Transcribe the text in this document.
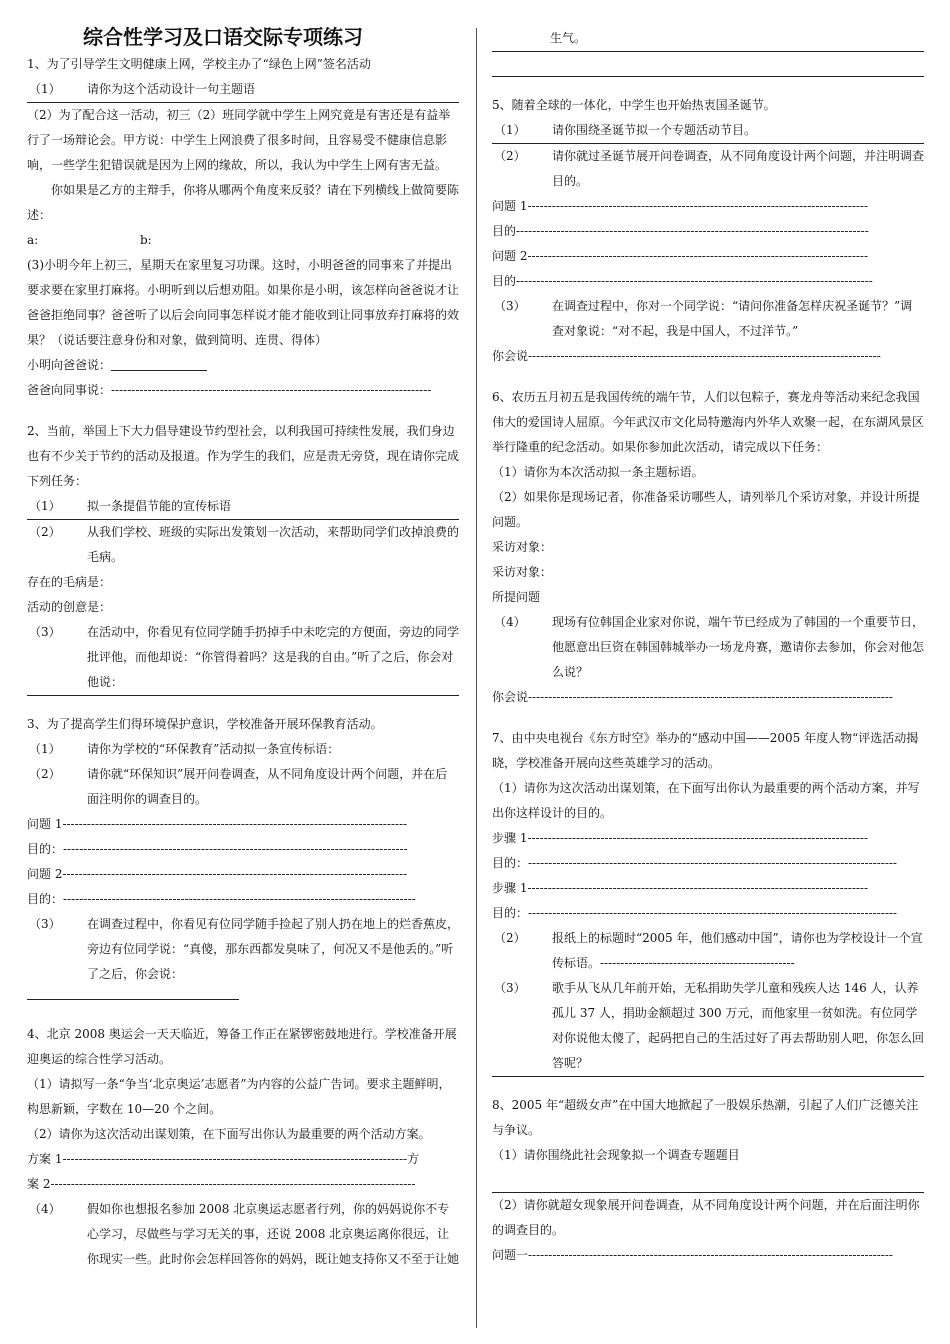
综合性学习及口语交际专项练习

1、为了引导学生文明健康上网，学校主办了“绿色上网”签名活动

（1）	请你为这个活动设计一句主题语

（2）为了配合这一活动，初三（2）班同学就中学生上网究竟是有害还是有益举行了一场辩论会。甲方说：中学生上网浪费了很多时间，且容易受不健康信息影响，一些学生犯错误就是因为上网的缘故，所以，我认为中学生上网有害无益。

你如果是乙方的主辩手，你将从哪两个角度来反驳？请在下列横线上做简要陈述：

a:	b:

(3)小明今年上初三，星期天在家里复习功课。这时，小明爸爸的同事来了并提出要求要在家里打麻将。小明听到以后想劝阻。如果你是小明，该怎样向爸爸说才让爸爸拒绝同事？爸爸听了以后会向同事怎样说才能才能收到让同事放弃打麻将的效果？（说话要注意身份和对象，做到简明、连贯、得体）

小明向爸爸说：

爸爸向同事说：-------------------------------------------------------------------------------

2、当前，举国上下大力倡导建设节约型社会，以利我国可持续性发展，我们身边也有不少关于节约的活动及报道。作为学生的我们，应是责无旁贷，现在请你完成下列任务：

（1）	拟一条提倡节能的宣传标语
（2）	从我们学校、班级的实际出发策划一次活动，来帮助同学们改掉浪费的毛病。

存在的毛病是：

活动的创意是：

（3）	在活动中，你看见有位同学随手扔掉手中未吃完的方便面，旁边的同学批评他，而他却说：“你管得着吗？这是我的自由。”听了之后，你会对他说：

3、为了提高学生们得环境保护意识，学校准备开展环保教育活动。

（1）	请你为学校的“环保教育”活动拟一条宣传标语：
（2）	请你就“环保知识”展开问卷调查，从不同角度设计两个问题，并在后面注明你的调查目的。

问题 1-------------------------------------------------------------------------------------

目的：-------------------------------------------------------------------------------------

问题 2-------------------------------------------------------------------------------------

目的：---------------------------------------------------------------------------------------

（3）	在调查过程中，你看见有位同学随手捡起了别人扔在地上的烂香蕉皮，旁边有位同学说：“真傻，那东西都发臭味了，何况又不是他丢的。”听了之后，你会说：

4、北京 2008 奥运会一天天临近，筹备工作正在紧锣密鼓地进行。学校准备开展迎奥运的综合性学习活动。

（1）请拟写一条“争当‘北京奥运’志愿者”为内容的公益广告词。要求主题鲜明，构思新颖，字数在 10—20 个之间。

（2）请你为这次活动出谋划策，在下面写出你认为最重要的两个活动方案。

方案 1-------------------------------------------------------------------------------------方

案 2------------------------------------------------------------------------------------------

（4）	假如你也想报名参加 2008 北京奥运志愿者行列，你的妈妈说你不专心学习，尽做些与学习无关的事，还说 2008 北京奥运离你很远，让你现实一些。此时你会怎样回答你的妈妈，既让她支持你又不至于让她
生气。

5、随着全球的一体化，中学生也开始热衷国圣诞节。

（1）	请你围绕圣诞节拟一个专题活动节目。
（2）	请你就过圣诞节展开问卷调查，从不同角度设计两个问题，并注明调查目的。

问题 1------------------------------------------------------------------------------------

目的---------------------------------------------------------------------------------------

问题 2------------------------------------------------------------------------------------

目的----------------------------------------------------------------------------------------

（3）	在调查过程中，你对一个同学说：“请问你准备怎样庆祝圣诞节？”调查对象说：“对不起，我是中国人，不过洋节。”

你会说---------------------------------------------------------------------------------------

6、农历五月初五是我国传统的端午节，人们以包粽子，赛龙舟等活动来纪念我国伟大的爱国诗人屈原。今年武汉市文化局特邀海内外华人欢聚一起，在东湖风景区举行隆重的纪念活动。如果你参加此次活动，请完成以下任务：

（1）请你为本次活动拟一条主题标语。

（2）如果你是现场记者，你准备采访哪些人，请列举几个采访对象，并设计所提问题。

采访对象：

采访对象：

所提问题

（4）	现场有位韩国企业家对你说，端午节已经成为了韩国的一个重要节日，他愿意出巨资在韩国韩城举办一场龙舟赛，邀请你去参加，你会对他怎么说？

你会说------------------------------------------------------------------------------------------

7、由中央电视台《东方时空》举办的“感动中国——2005 年度人物“评选活动揭晓，学校准备开展向这些英雄学习的活动。

（1）请你为这次活动出谋划策，在下面写出你认为最重要的两个活动方案，并写出你这样设计的目的。

步骤 1------------------------------------------------------------------------------------

目的：-------------------------------------------------------------------------------------------

步骤 1------------------------------------------------------------------------------------

目的：-------------------------------------------------------------------------------------------

（2）	报纸上的标题时“2005 年，他们感动中国”，请你也为学校设计一个宣传标语。------------------------------------------------
（3）	歌手从飞从几年前开始，无私捐助失学儿童和残疾人达 146 人，认养孤儿 37 人，捐助金额超过 300 万元，而他家里一贫如洗。有位同学对你说他太傻了，起码把自己的生活过好了再去帮助别人吧，你怎么回答呢？

8、2005 年“超级女声”在中国大地掀起了一股娱乐热潮，引起了人们广泛德关注与争议。

（1）请你围绕此社会现象拟一个调查专题题目

（2）请你就超女现象展开问卷调查，从不同角度设计两个问题，并在后面注明你的调查目的。

问题一------------------------------------------------------------------------------------------
